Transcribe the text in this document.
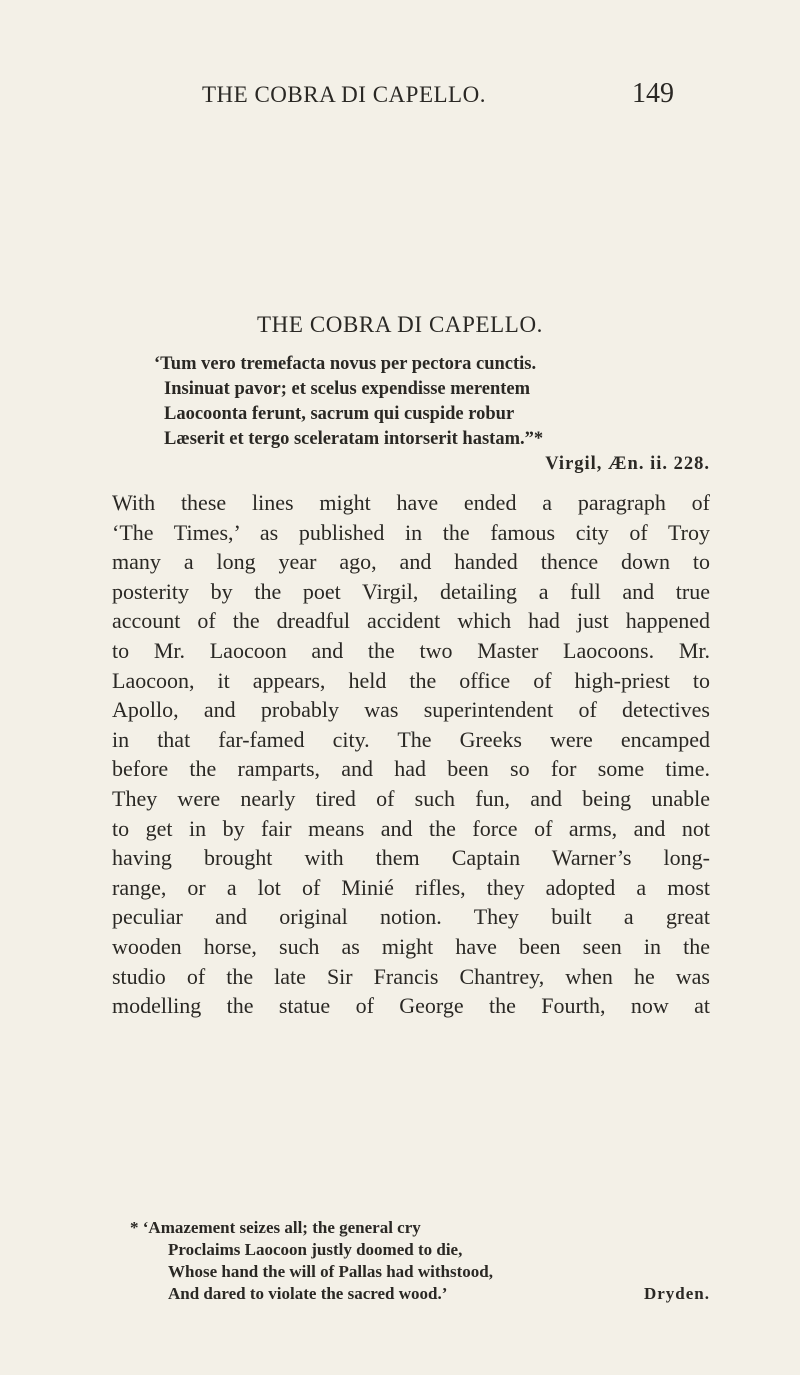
THE COBRA DI CAPELLO.	149
THE COBRA DI CAPELLO.
‘Tum vero tremefacta novus per pectora cunctis.
Insinuat pavor; et scelus expendisse merentem
Laocoonta ferunt, sacrum qui cuspide robur
Læserit et tergo sceleratam intorserit hastam.”*
Virgil, Æn. ii. 228.
With these lines might have ended a paragraph of
‘The Times,’ as published in the famous city of Troy
many a long year ago, and handed thence down to
posterity by the poet Virgil, detailing a full and true
account of the dreadful accident which had just happened
to Mr. Laocoon and the two Master Laocoons. Mr.
Laocoon, it appears, held the office of high-priest to
Apollo, and probably was superintendent of detectives
in that far-famed city. The Greeks were encamped
before the ramparts, and had been so for some time.
They were nearly tired of such fun, and being unable
to get in by fair means and the force of arms, and not
having brought with them Captain Warner’s long-
range, or a lot of Minié rifles, they adopted a most
peculiar and original notion. They built a great
wooden horse, such as might have been seen in the
studio of the late Sir Francis Chantrey, when he was
modelling the statue of George the Fourth, now at
* ‘Amazement seizes all; the general cry
Proclaims Laocoon justly doomed to die,
Whose hand the will of Pallas had withstood,
And dared to violate the sacred wood.’	Dryden.
